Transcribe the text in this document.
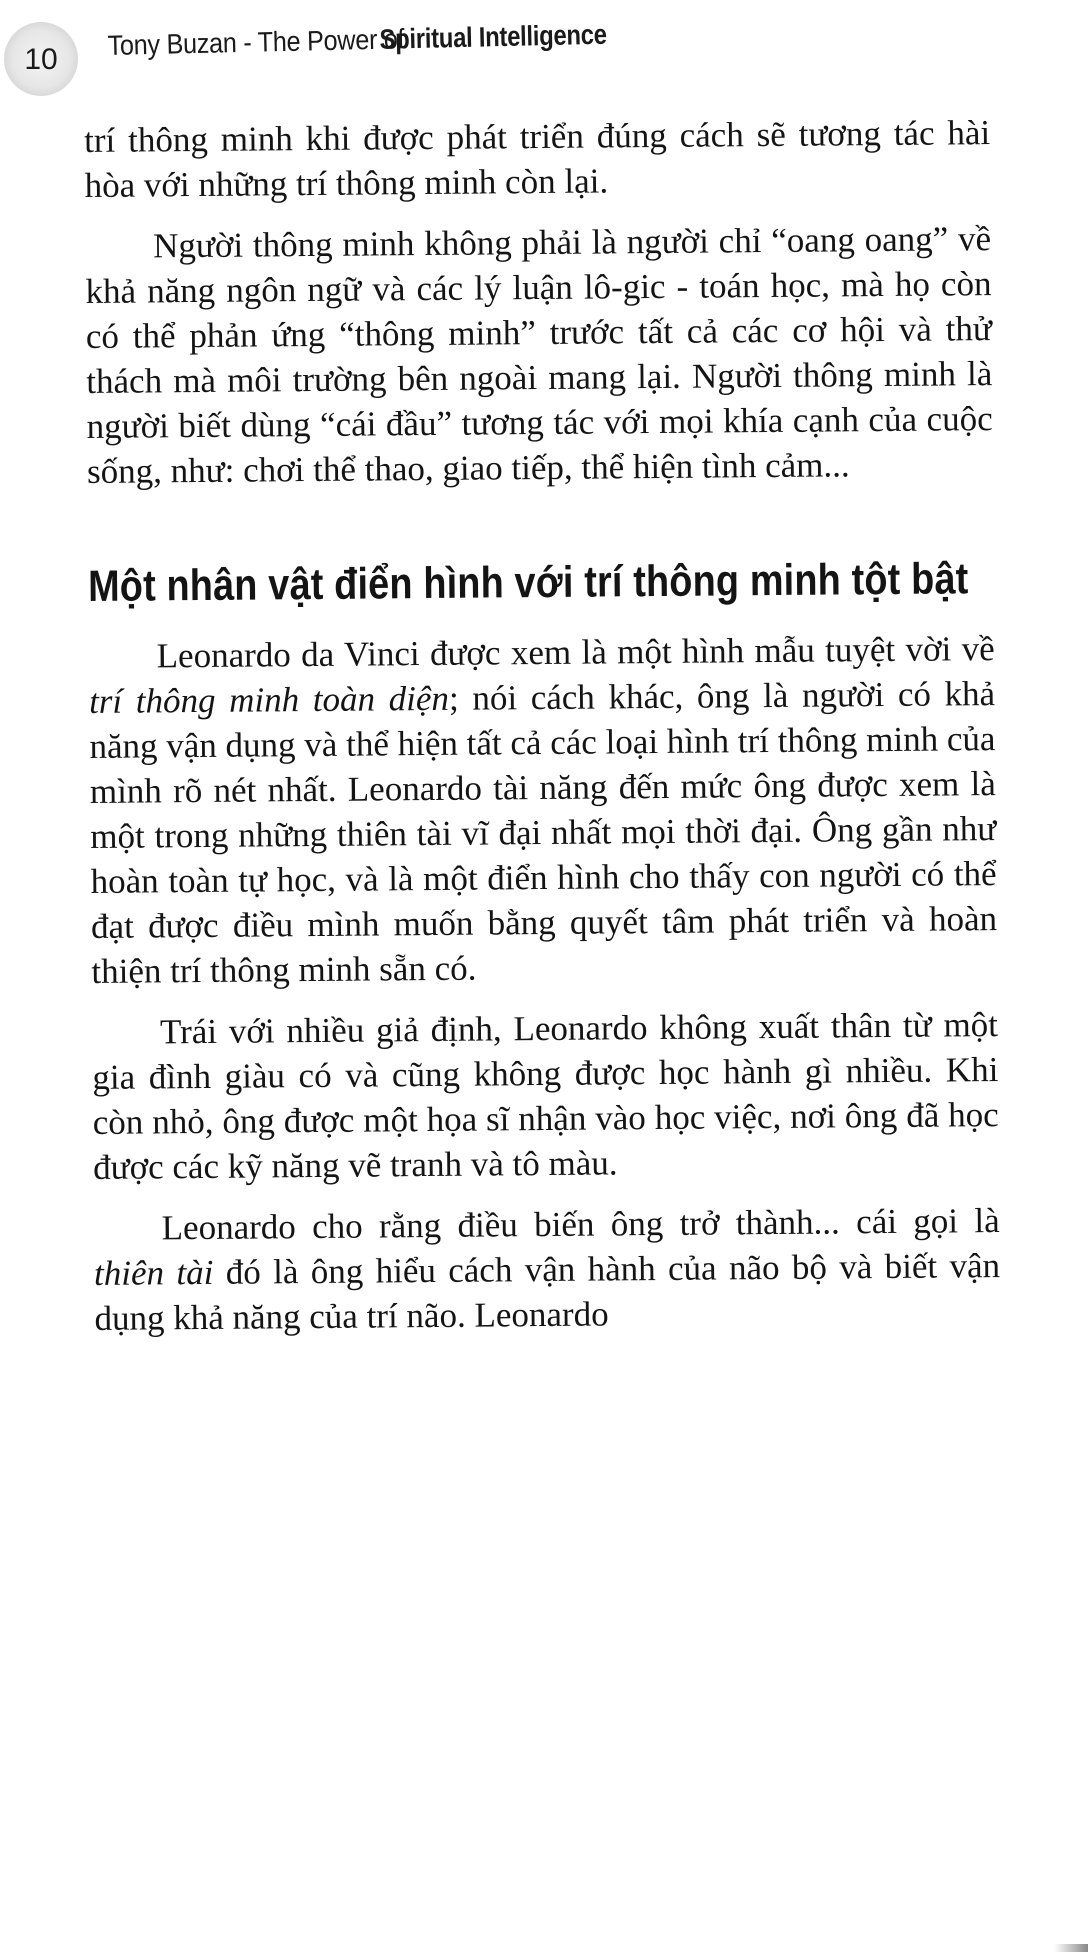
10 Tony Buzan - The Power ofSpiritual Intelligence

trí thông minh khi được phát triển đúng cách sẽ tương tác hài hòa với những trí thông minh còn lại.

Người thông minh không phải là người chỉ “oang oang” về khả năng ngôn ngữ và các lý luận lô-gic - toán học, mà họ còn có thể phản ứng “thông minh” trước tất cả các cơ hội và thử thách mà môi trường bên ngoài mang lại. Người thông minh là người biết dùng “cái đầu” tương tác với mọi khía cạnh của cuộc sống, như: chơi thể thao, giao tiếp, thể hiện tình cảm...

Một nhân vật điển hình với trí thông minh tột bật

Leonardo da Vinci được xem là một hình mẫu tuyệt vời về trí thông minh toàn diện; nói cách khác, ông là người có khả năng vận dụng và thể hiện tất cả các loại hình trí thông minh của mình rõ nét nhất. Leonardo tài năng đến mức ông được xem là một trong những thiên tài vĩ đại nhất mọi thời đại. Ông gần như hoàn toàn tự học, và là một điển hình cho thấy con người có thể đạt được điều mình muốn bằng quyết tâm phát triển và hoàn thiện trí thông minh sẵn có.

Trái với nhiều giả định, Leonardo không xuất thân từ một gia đình giàu có và cũng không được học hành gì nhiều. Khi còn nhỏ, ông được một họa sĩ nhận vào học việc, nơi ông đã học được các kỹ năng vẽ tranh và tô màu.

Leonardo cho rằng điều biến ông trở thành... cái gọi là thiên tài đó là ông hiểu cách vận hành của não bộ và biết vận dụng khả năng của trí não. Leonardo
